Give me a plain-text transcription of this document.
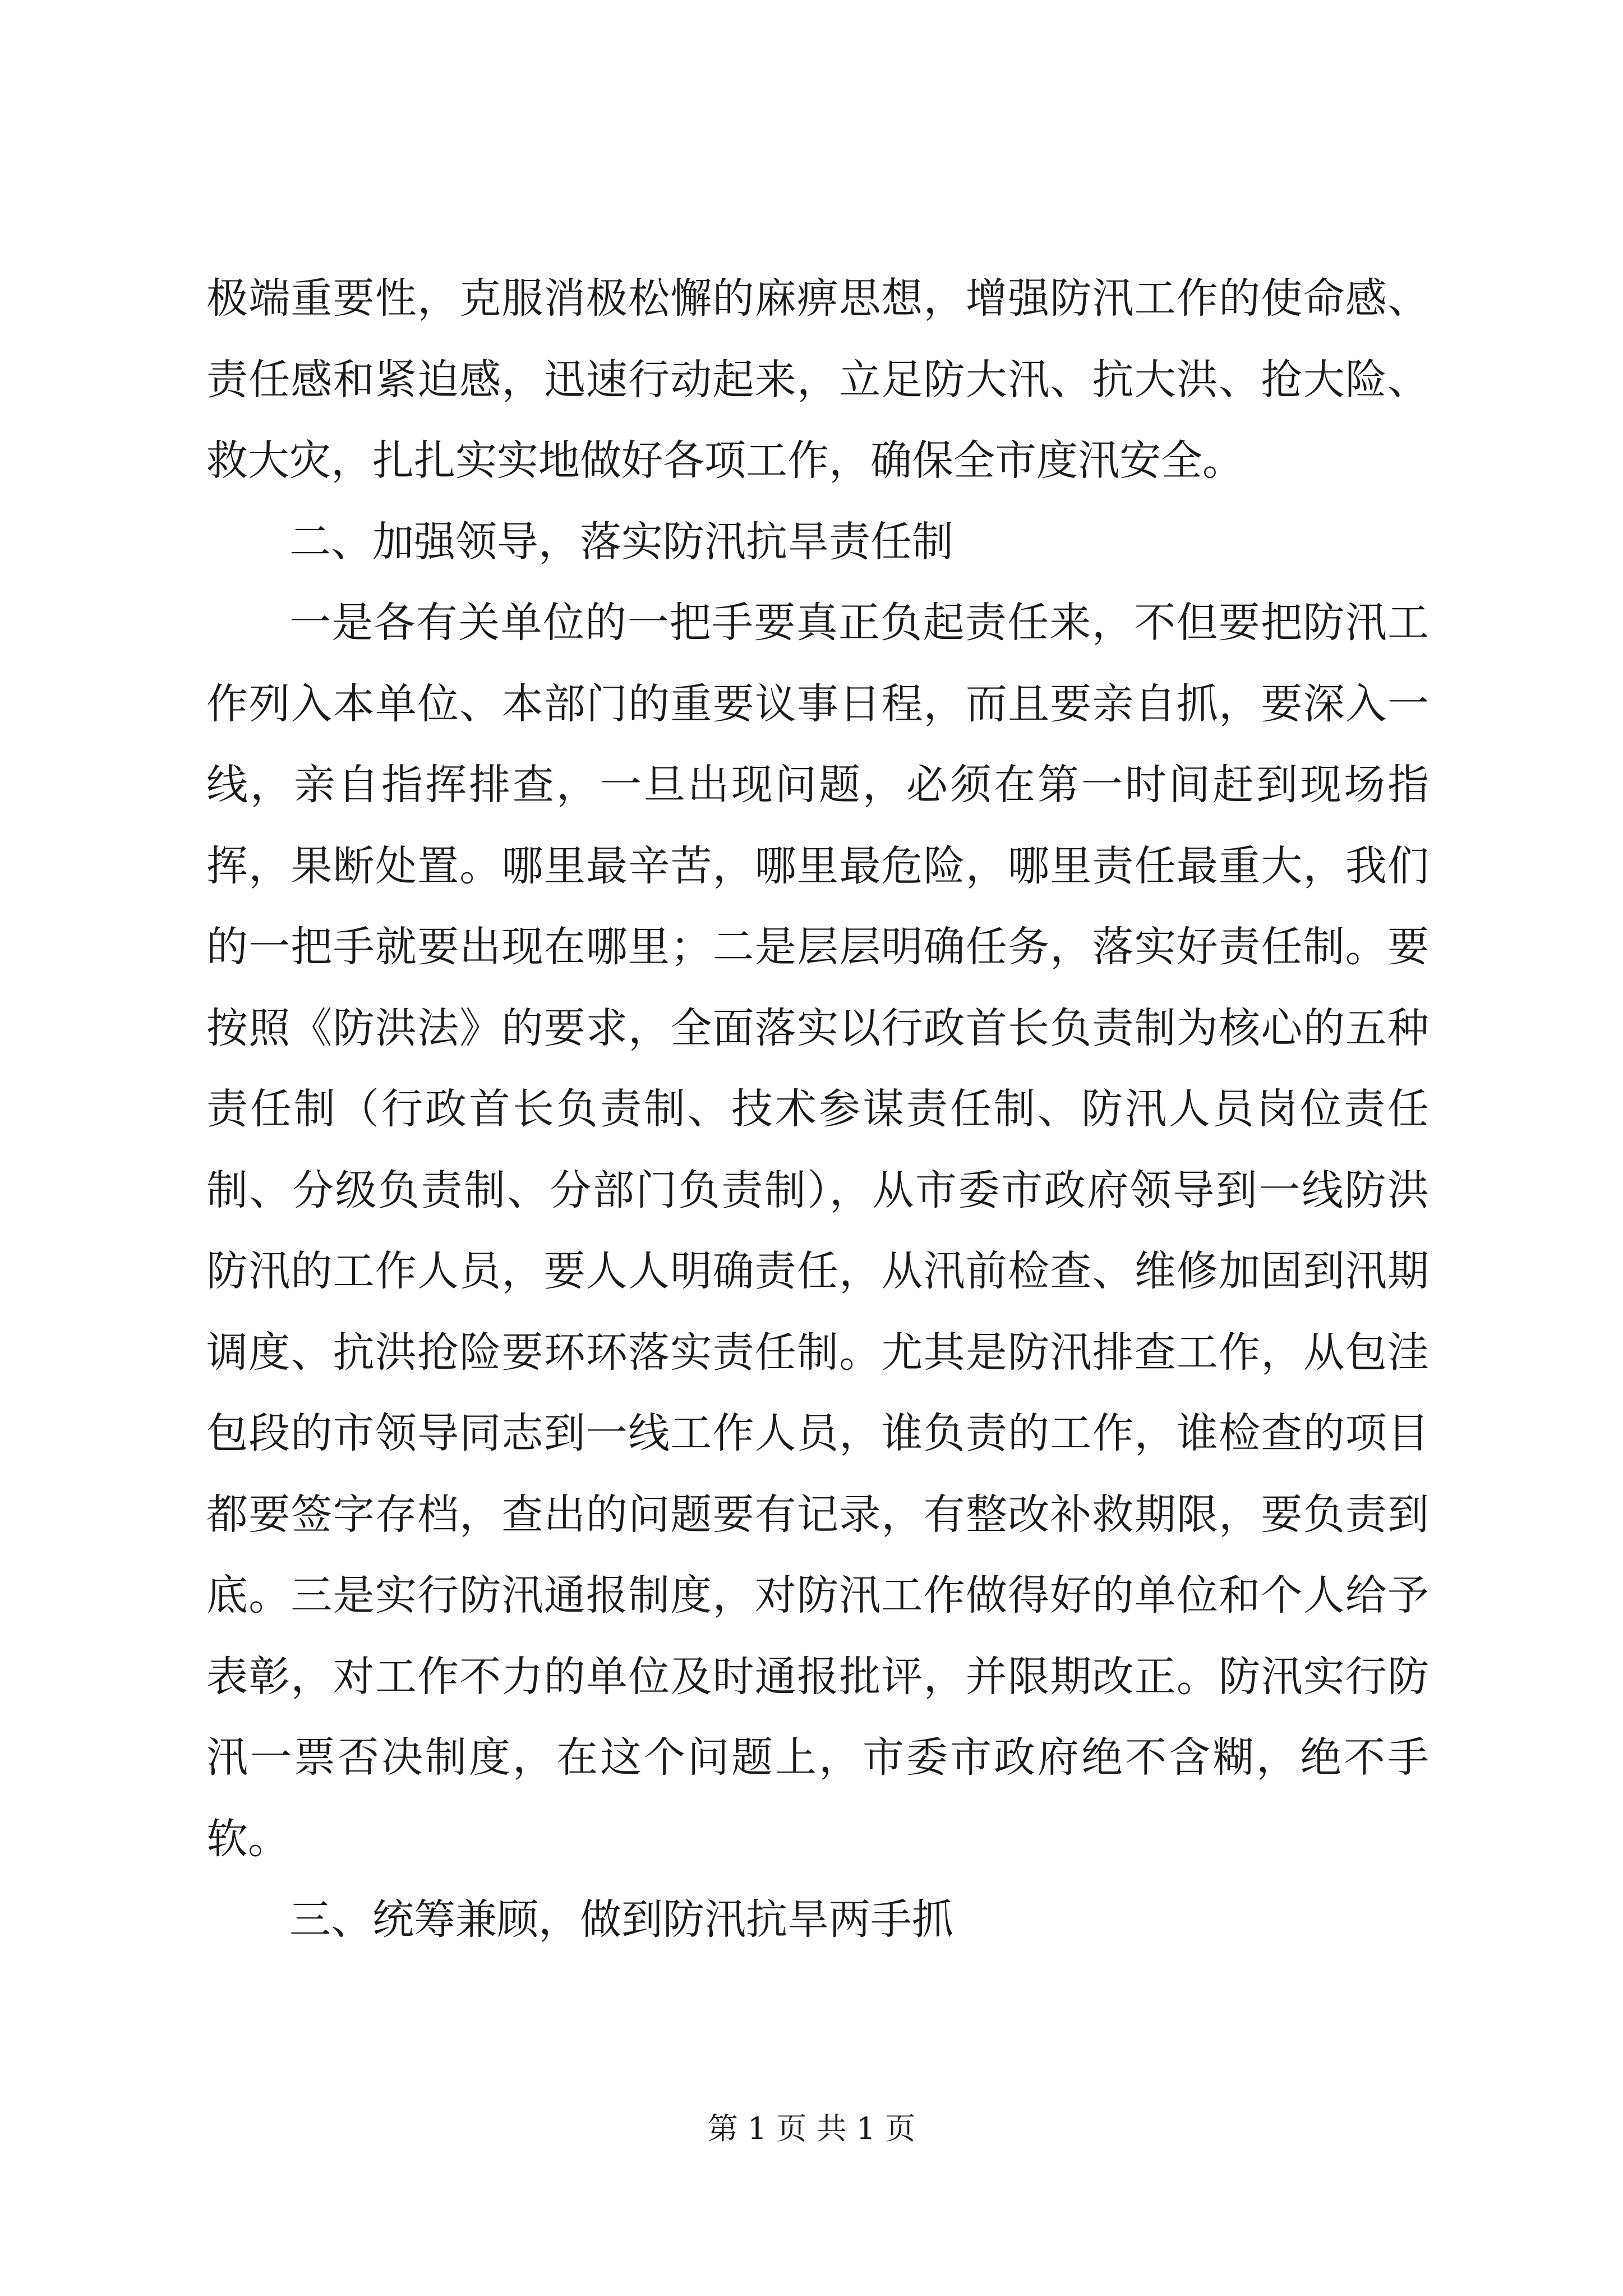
极端重要性，克服消极松懈的麻痹思想，增强防汛工作的使命感、责任感和紧迫感，迅速行动起来，立足防大汛、抗大洪、抢大险、救大灾，扎扎实实地做好各项工作，确保全市度汛安全。

二、加强领导，落实防汛抗旱责任制

一是各有关单位的一把手要真正负起责任来，不但要把防汛工作列入本单位、本部门的重要议事日程，而且要亲自抓，要深入一线，亲自指挥排查，一旦出现问题，必须在第一时间赶到现场指挥，果断处置。哪里最辛苦，哪里最危险，哪里责任最重大，我们的一把手就要出现在哪里；二是层层明确任务，落实好责任制。要按照《防洪法》的要求，全面落实以行政首长负责制为核心的五种责任制（行政首长负责制、技术参谋责任制、防汛人员岗位责任制、分级负责制、分部门负责制），从市委市政府领导到一线防洪防汛的工作人员，要人人明确责任，从汛前检查、维修加固到汛期调度、抗洪抢险要环环落实责任制。尤其是防汛排查工作，从包洼包段的市领导同志到一线工作人员，谁负责的工作，谁检查的项目都要签字存档，查出的问题要有记录，有整改补救期限，要负责到底。三是实行防汛通报制度，对防汛工作做得好的单位和个人给予表彰，对工作不力的单位及时通报批评，并限期改正。防汛实行防汛一票否决制度，在这个问题上，市委市政府绝不含糊，绝不手软。

三、统筹兼顾，做到防汛抗旱两手抓

第 1 页 共 1 页
